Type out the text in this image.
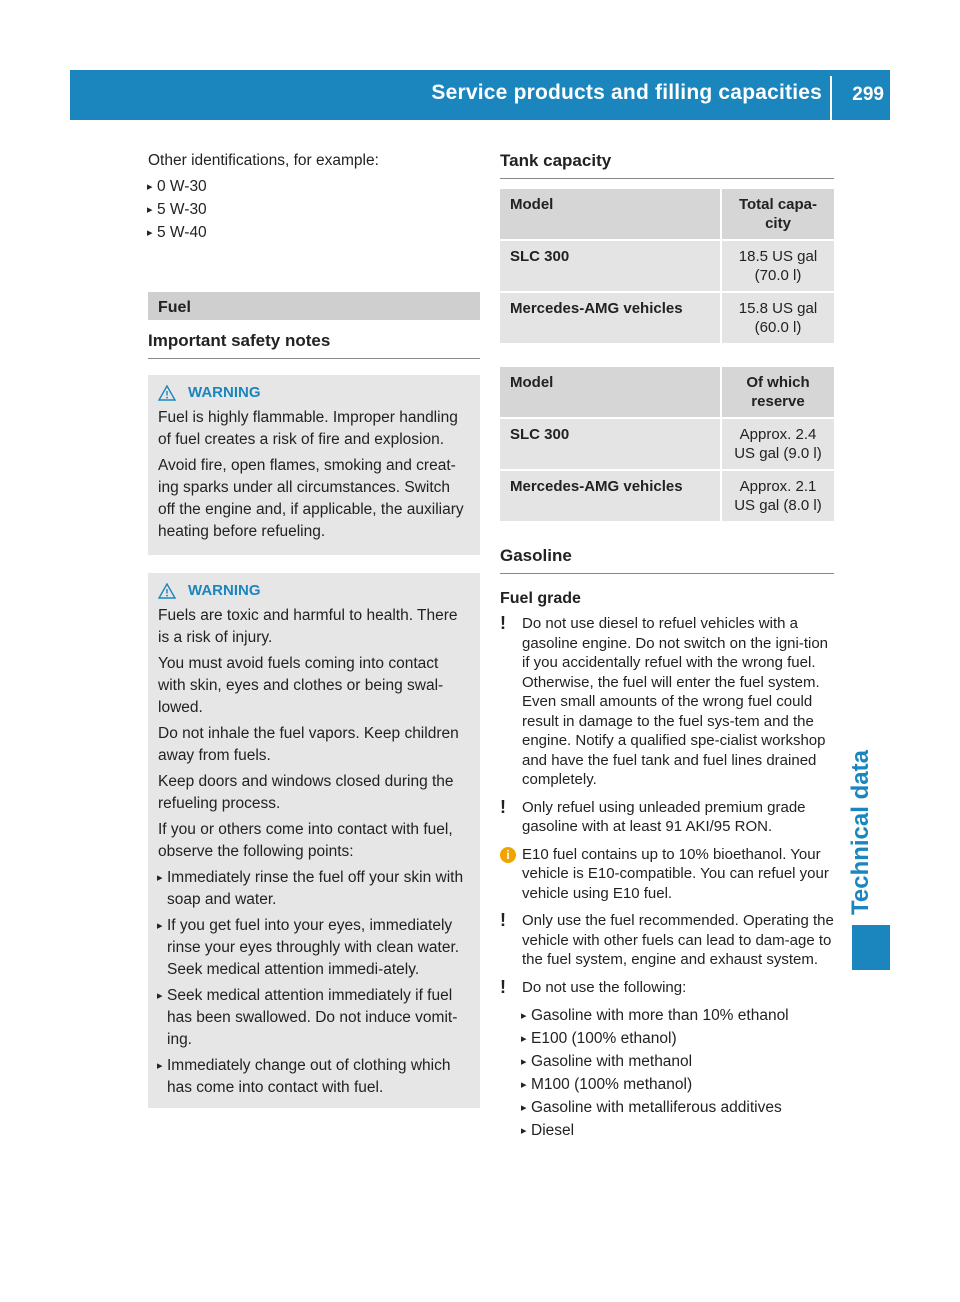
Service products and filling capacities 299
Technical data

Other identifications, for example:

▸ 0 W-30
▸ 5 W-30
▸ 5 W-40
Fuel
Important safety notes
WARNING

Fuel is highly flammable. Improper handling of fuel creates a risk of fire and explosion.

Avoid fire, open flames, smoking and creat-ing sparks under all circumstances. Switch off the engine and, if applicable, the auxiliary heating before refueling.

WARNING

Fuels are toxic and harmful to health. There is a risk of injury.

You must avoid fuels coming into contact with skin, eyes and clothes or being swal-lowed.

Do not inhale the fuel vapors. Keep children away from fuels.

Keep doors and windows closed during the refueling process.

If you or others come into contact with fuel, observe the following points:

▸ Immediately rinse the fuel off your skin with soap and water.
▸ If you get fuel into your eyes, immediately rinse your eyes throughly with clean water. Seek medical attention immedi-ately.
▸ Seek medical attention immediately if fuel has been swallowed. Do not induce vomit-ing.
▸ Immediately change out of clothing which has come into contact with fuel.
Tank capacity
Model	Total capa-city
SLC 300	18.5 US gal (70.0 l)
Mercedes-AMG vehicles	15.8 US gal (60.0 l)
Model	Of which reserve
SLC 300	Approx. 2.4 US gal (9.0 l)
Mercedes-AMG vehicles	Approx. 2.1 US gal (8.0 l)
Gasoline
Fuel grade
!	Do not use diesel to refuel vehicles with a gasoline engine. Do not switch on the igni-tion if you accidentally refuel with the wrong fuel. Otherwise, the fuel will enter the fuel system. Even small amounts of the wrong fuel could result in damage to the fuel sys-tem and the engine. Notify a qualified spe-cialist workshop and have the fuel tank and fuel lines drained completely.
!	Only refuel using unleaded premium grade gasoline with at least 91 AKI/95 RON.
i E10 fuel contains up to 10% bioethanol. Your vehicle is E10-compatible. You can refuel your vehicle using E10 fuel.
!	Only use the fuel recommended. Operating the vehicle with other fuels can lead to dam-age to the fuel system, engine and exhaust system.
!	Do not use the following:
▸ Gasoline with more than 10% ethanol
▸ E100 (100% ethanol)
▸ Gasoline with methanol
▸ M100 (100% methanol)
▸ Gasoline with metalliferous additives
▸ Diesel
